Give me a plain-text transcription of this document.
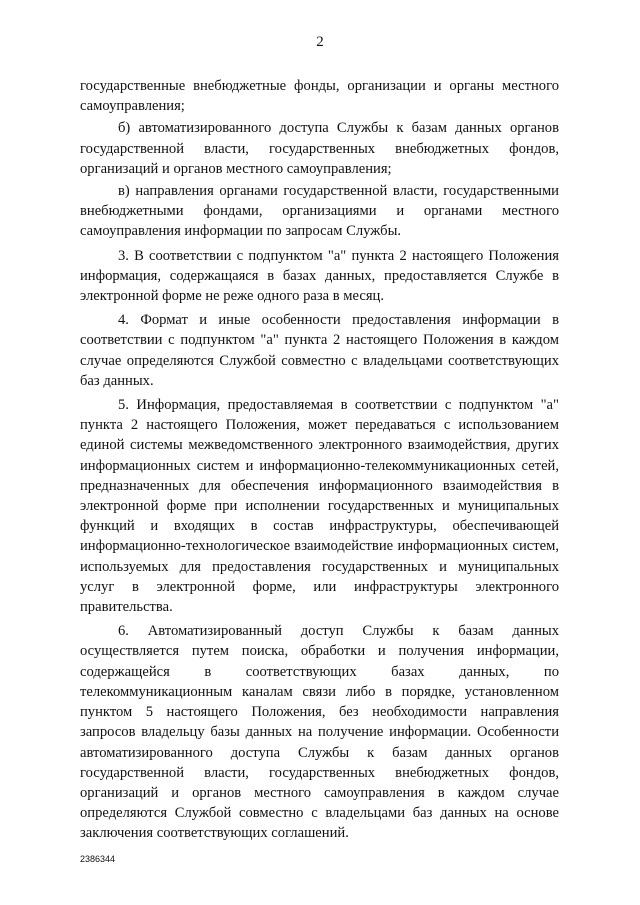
2

государственные внебюджетные фонды, организации и органы местного самоуправления;

б) автоматизированного доступа Службы к базам данных органов государственной власти, государственных внебюджетных фондов, организаций и органов местного самоуправления;

в) направления органами государственной власти, государственными внебюджетными фондами, организациями и органами местного самоуправления информации по запросам Службы.

3. В соответствии с подпунктом "а" пункта 2 настоящего Положения информация, содержащаяся в базах данных, предоставляется Службе в электронной форме не реже одного раза в месяц.

4. Формат и иные особенности предоставления информации в соответствии с подпунктом "а" пункта 2 настоящего Положения в каждом случае определяются Службой совместно с владельцами соответствующих баз данных.

5. Информация, предоставляемая в соответствии с подпунктом "а" пункта 2 настоящего Положения, может передаваться с использованием единой системы межведомственного электронного взаимодействия, других информационных систем и информационно-телекоммуникационных сетей, предназначенных для обеспечения информационного взаимодействия в электронной форме при исполнении государственных и муниципальных функций и входящих в состав инфраструктуры, обеспечивающей информационно-технологическое взаимодействие информационных систем, используемых для предоставления государственных и муниципальных услуг в электронной форме, или инфраструктуры электронного правительства.

6. Автоматизированный доступ Службы к базам данных осуществляется путем поиска, обработки и получения информации, содержащейся в соответствующих базах данных, по телекоммуникационным каналам связи либо в порядке, установленном пунктом 5 настоящего Положения, без необходимости направления запросов владельцу базы данных на получение информации. Особенности автоматизированного доступа Службы к базам данных органов государственной власти, государственных внебюджетных фондов, организаций и органов местного самоуправления в каждом случае определяются Службой совместно с владельцами баз данных на основе заключения соответствующих соглашений.

2386344
